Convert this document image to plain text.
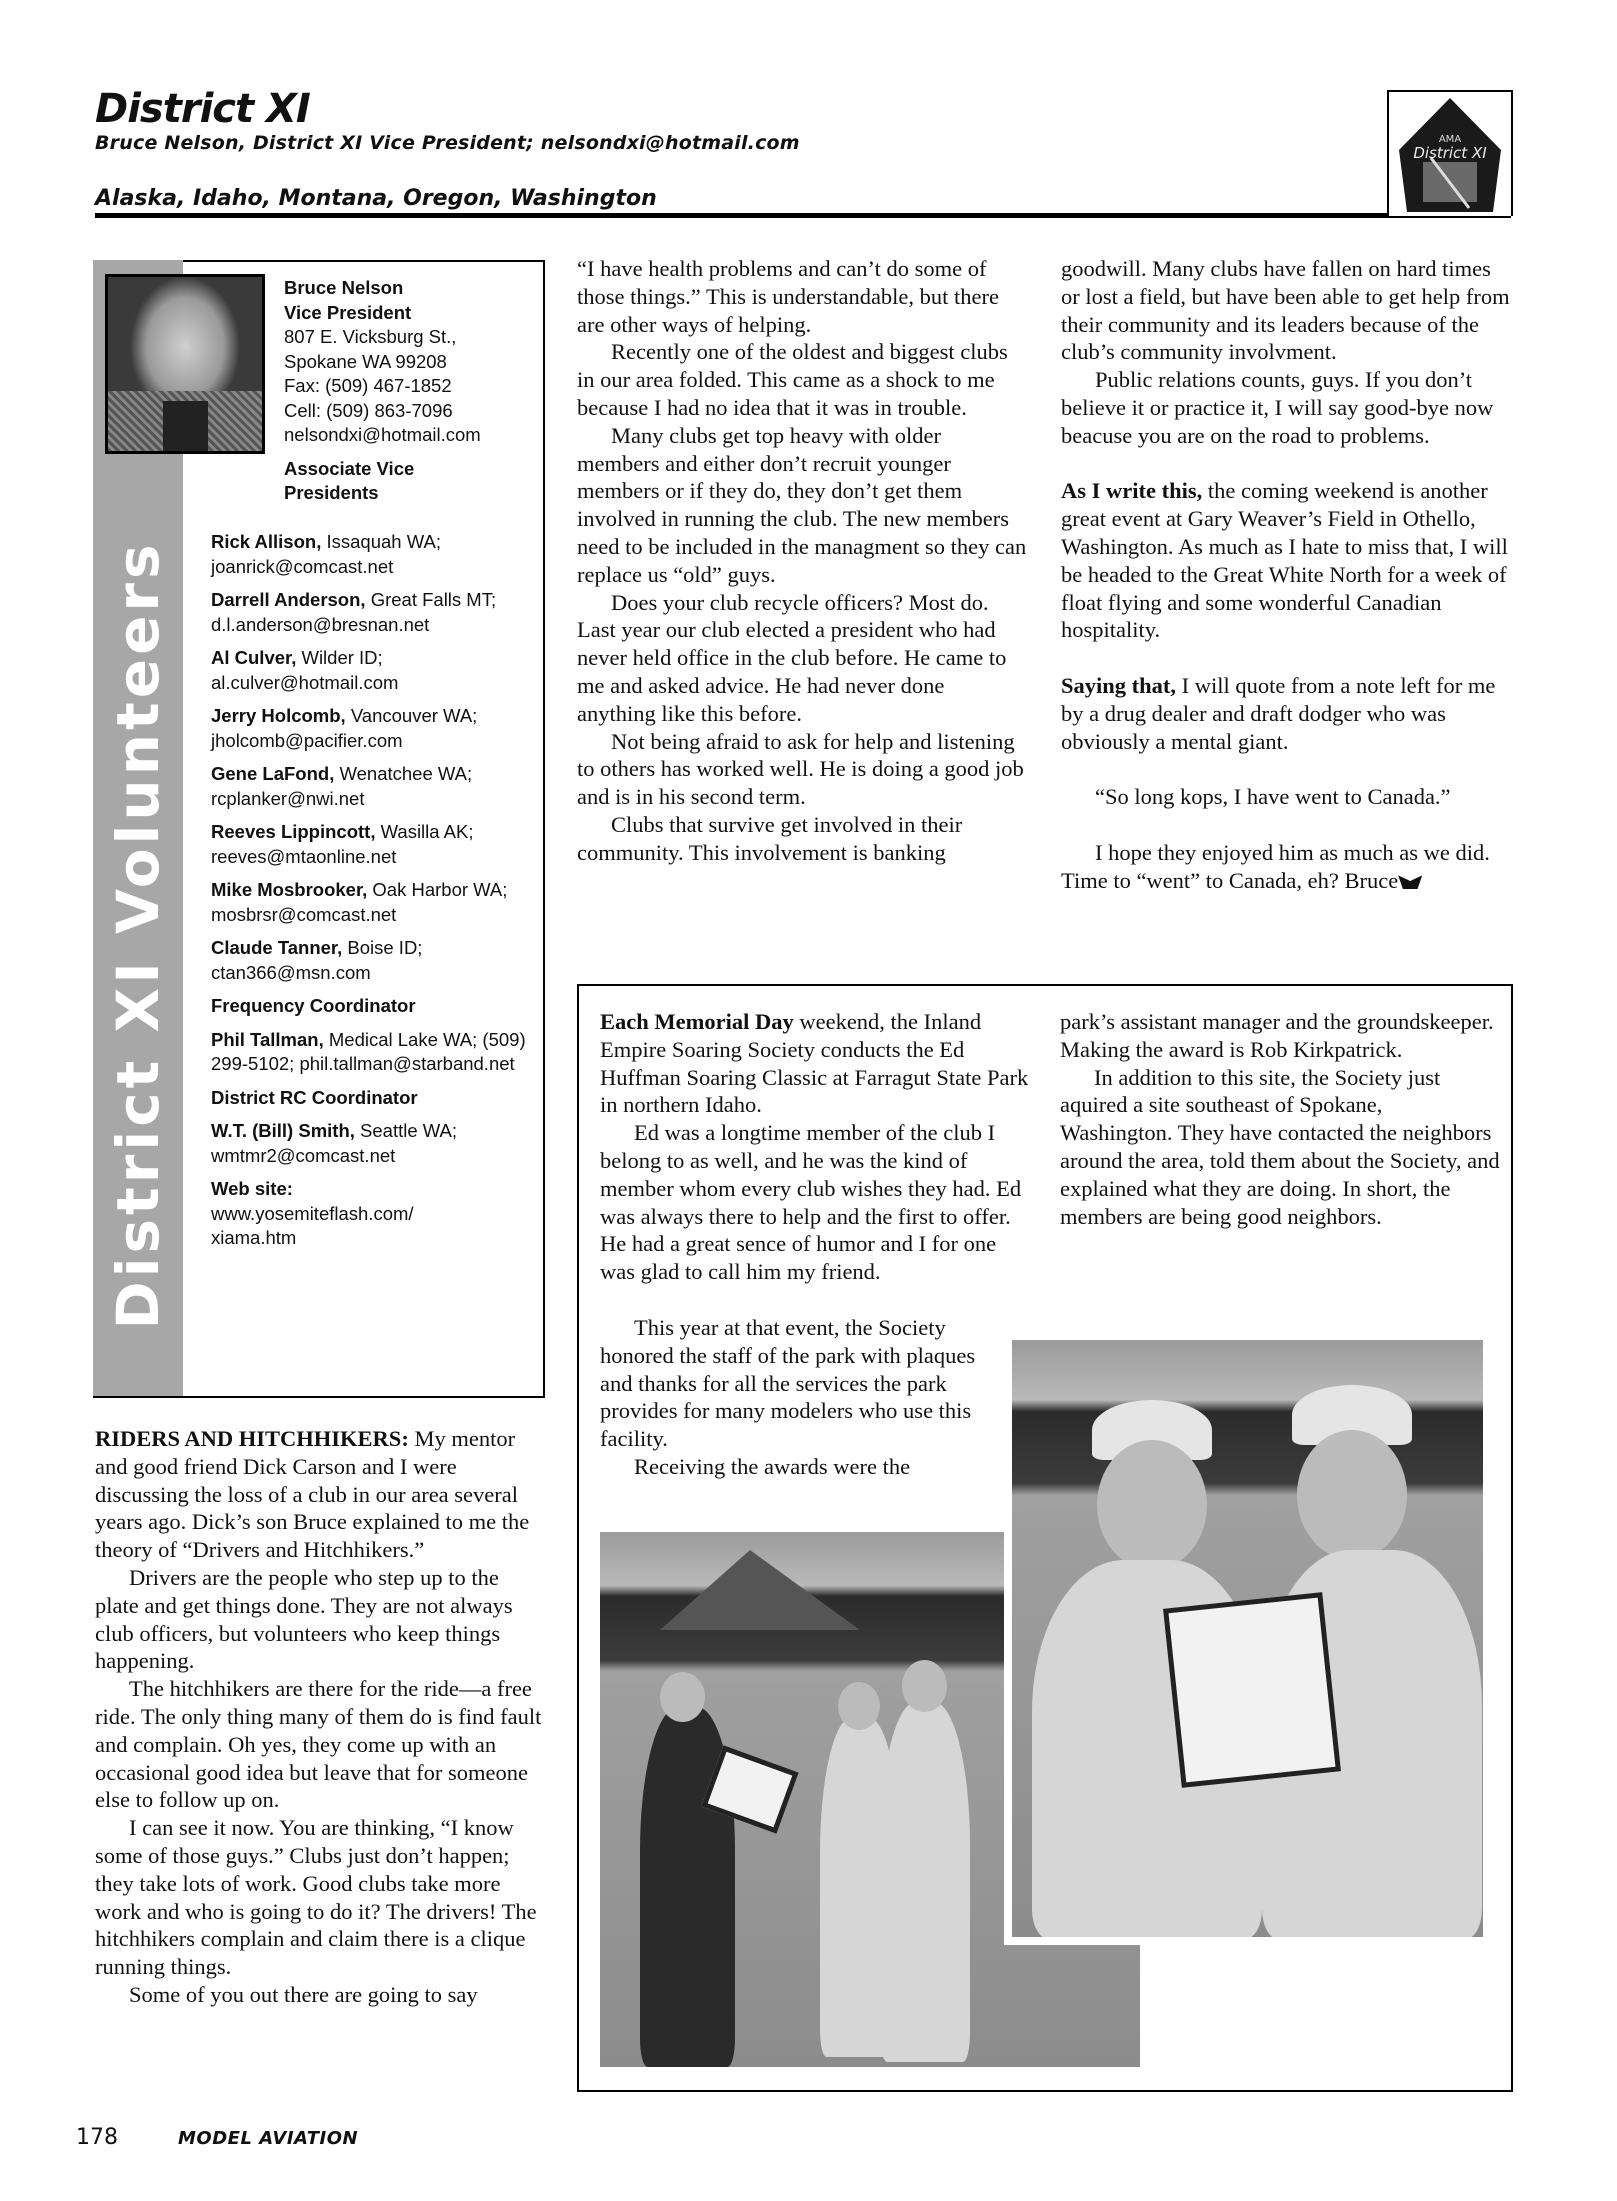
District XI
Bruce Nelson, District XI Vice President; nelsondxi@hotmail.com
Alaska, Idaho, Montana, Oregon, Washington
AMA
District XI
District XI Volunteers
Bruce Nelson
Vice President
807 E. Vicksburg St.,
Spokane WA 99208
Fax: (509) 467-1852
Cell: (509) 863-7096
nelsondxi@hotmail.com
Associate Vice Presidents
Rick Allison, Issaquah WA; joanrick@comcast.net
Darrell Anderson, Great Falls MT; d.l.anderson@bresnan.net
Al Culver, Wilder ID; al.culver@hotmail.com
Jerry Holcomb, Vancouver WA; jholcomb@pacifier.com
Gene LaFond, Wenatchee WA; rcplanker@nwi.net
Reeves Lippincott, Wasilla AK; reeves@mtaonline.net
Mike Mosbrooker, Oak Harbor WA; mosbrsr@comcast.net
Claude Tanner, Boise ID; ctan366@msn.com
Frequency Coordinator
Phil Tallman, Medical Lake WA; (509) 299-5102; phil.tallman@starband.net
District RC Coordinator
W.T. (Bill) Smith, Seattle WA; wmtmr2@comcast.net
Web site:
www.yosemiteflash.com/ xiama.htm

“I have health problems and can’t do some of those things.” This is understandable, but there are other ways of helping.

Recently one of the oldest and biggest clubs in our area folded. This came as a shock to me because I had no idea that it was in trouble.

Many clubs get top heavy with older members and either don’t recruit younger members or if they do, they don’t get them involved in running the club. The new members need to be included in the managment so they can replace us “old” guys.

Does your club recycle officers? Most do. Last year our club elected a president who had never held office in the club before. He came to me and asked advice. He had never done anything like this before.

Not being afraid to ask for help and listening to others has worked well. He is doing a good job and is in his second term.

Clubs that survive get involved in their community. This involvement is banking

goodwill. Many clubs have fallen on hard times or lost a field, but have been able to get help from their community and its leaders because of the club’s community involvment.

Public relations counts, guys. If you don’t believe it or practice it, I will say good-bye now beacuse you are on the road to problems.

As I write this, the coming weekend is another great event at Gary Weaver’s Field in Othello, Washington. As much as I hate to miss that, I will be headed to the Great White North for a week of float flying and some wonderful Canadian hospitality.

Saying that, I will quote from a note left for me by a drug dealer and draft dodger who was obviously a mental giant.

“So long kops, I have went to Canada.”

I hope they enjoyed him as much as we did. Time to “went” to Canada, eh? Bruce

RIDERS AND HITCHHIKERS: My mentor and good friend Dick Carson and I were discussing the loss of a club in our area several years ago. Dick’s son Bruce explained to me the theory of “Drivers and Hitchhikers.”

Drivers are the people who step up to the plate and get things done. They are not always club officers, but volunteers who keep things happening.

The hitchhikers are there for the ride—a free ride. The only thing many of them do is find fault and complain. Oh yes, they come up with an occasional good idea but leave that for someone else to follow up on.

I can see it now. You are thinking, “I know some of those guys.” Clubs just don’t happen; they take lots of work. Good clubs take more work and who is going to do it? The drivers! The hitchhikers complain and claim there is a clique running things.

Some of you out there are going to say

Each Memorial Day weekend, the Inland Empire Soaring Society conducts the Ed Huffman Soaring Classic at Farragut State Park in northern Idaho.

Ed was a longtime member of the club I belong to as well, and he was the kind of member whom every club wishes they had. Ed was always there to help and the first to offer. He had a great sence of humor and I for one was glad to call him my friend.

This year at that event, the Society honored the staff of the park with plaques and thanks for all the services the park provides for many modelers who use this facility.

Receiving the awards were the

park’s assistant manager and the groundskeeper. Making the award is Rob Kirkpatrick.

In addition to this site, the Society just aquired a site southeast of Spokane, Washington. They have contacted the neighbors around the area, told them about the Society, and explained what they are doing. In short, the members are being good neighbors.

178	MODEL AVIATION
